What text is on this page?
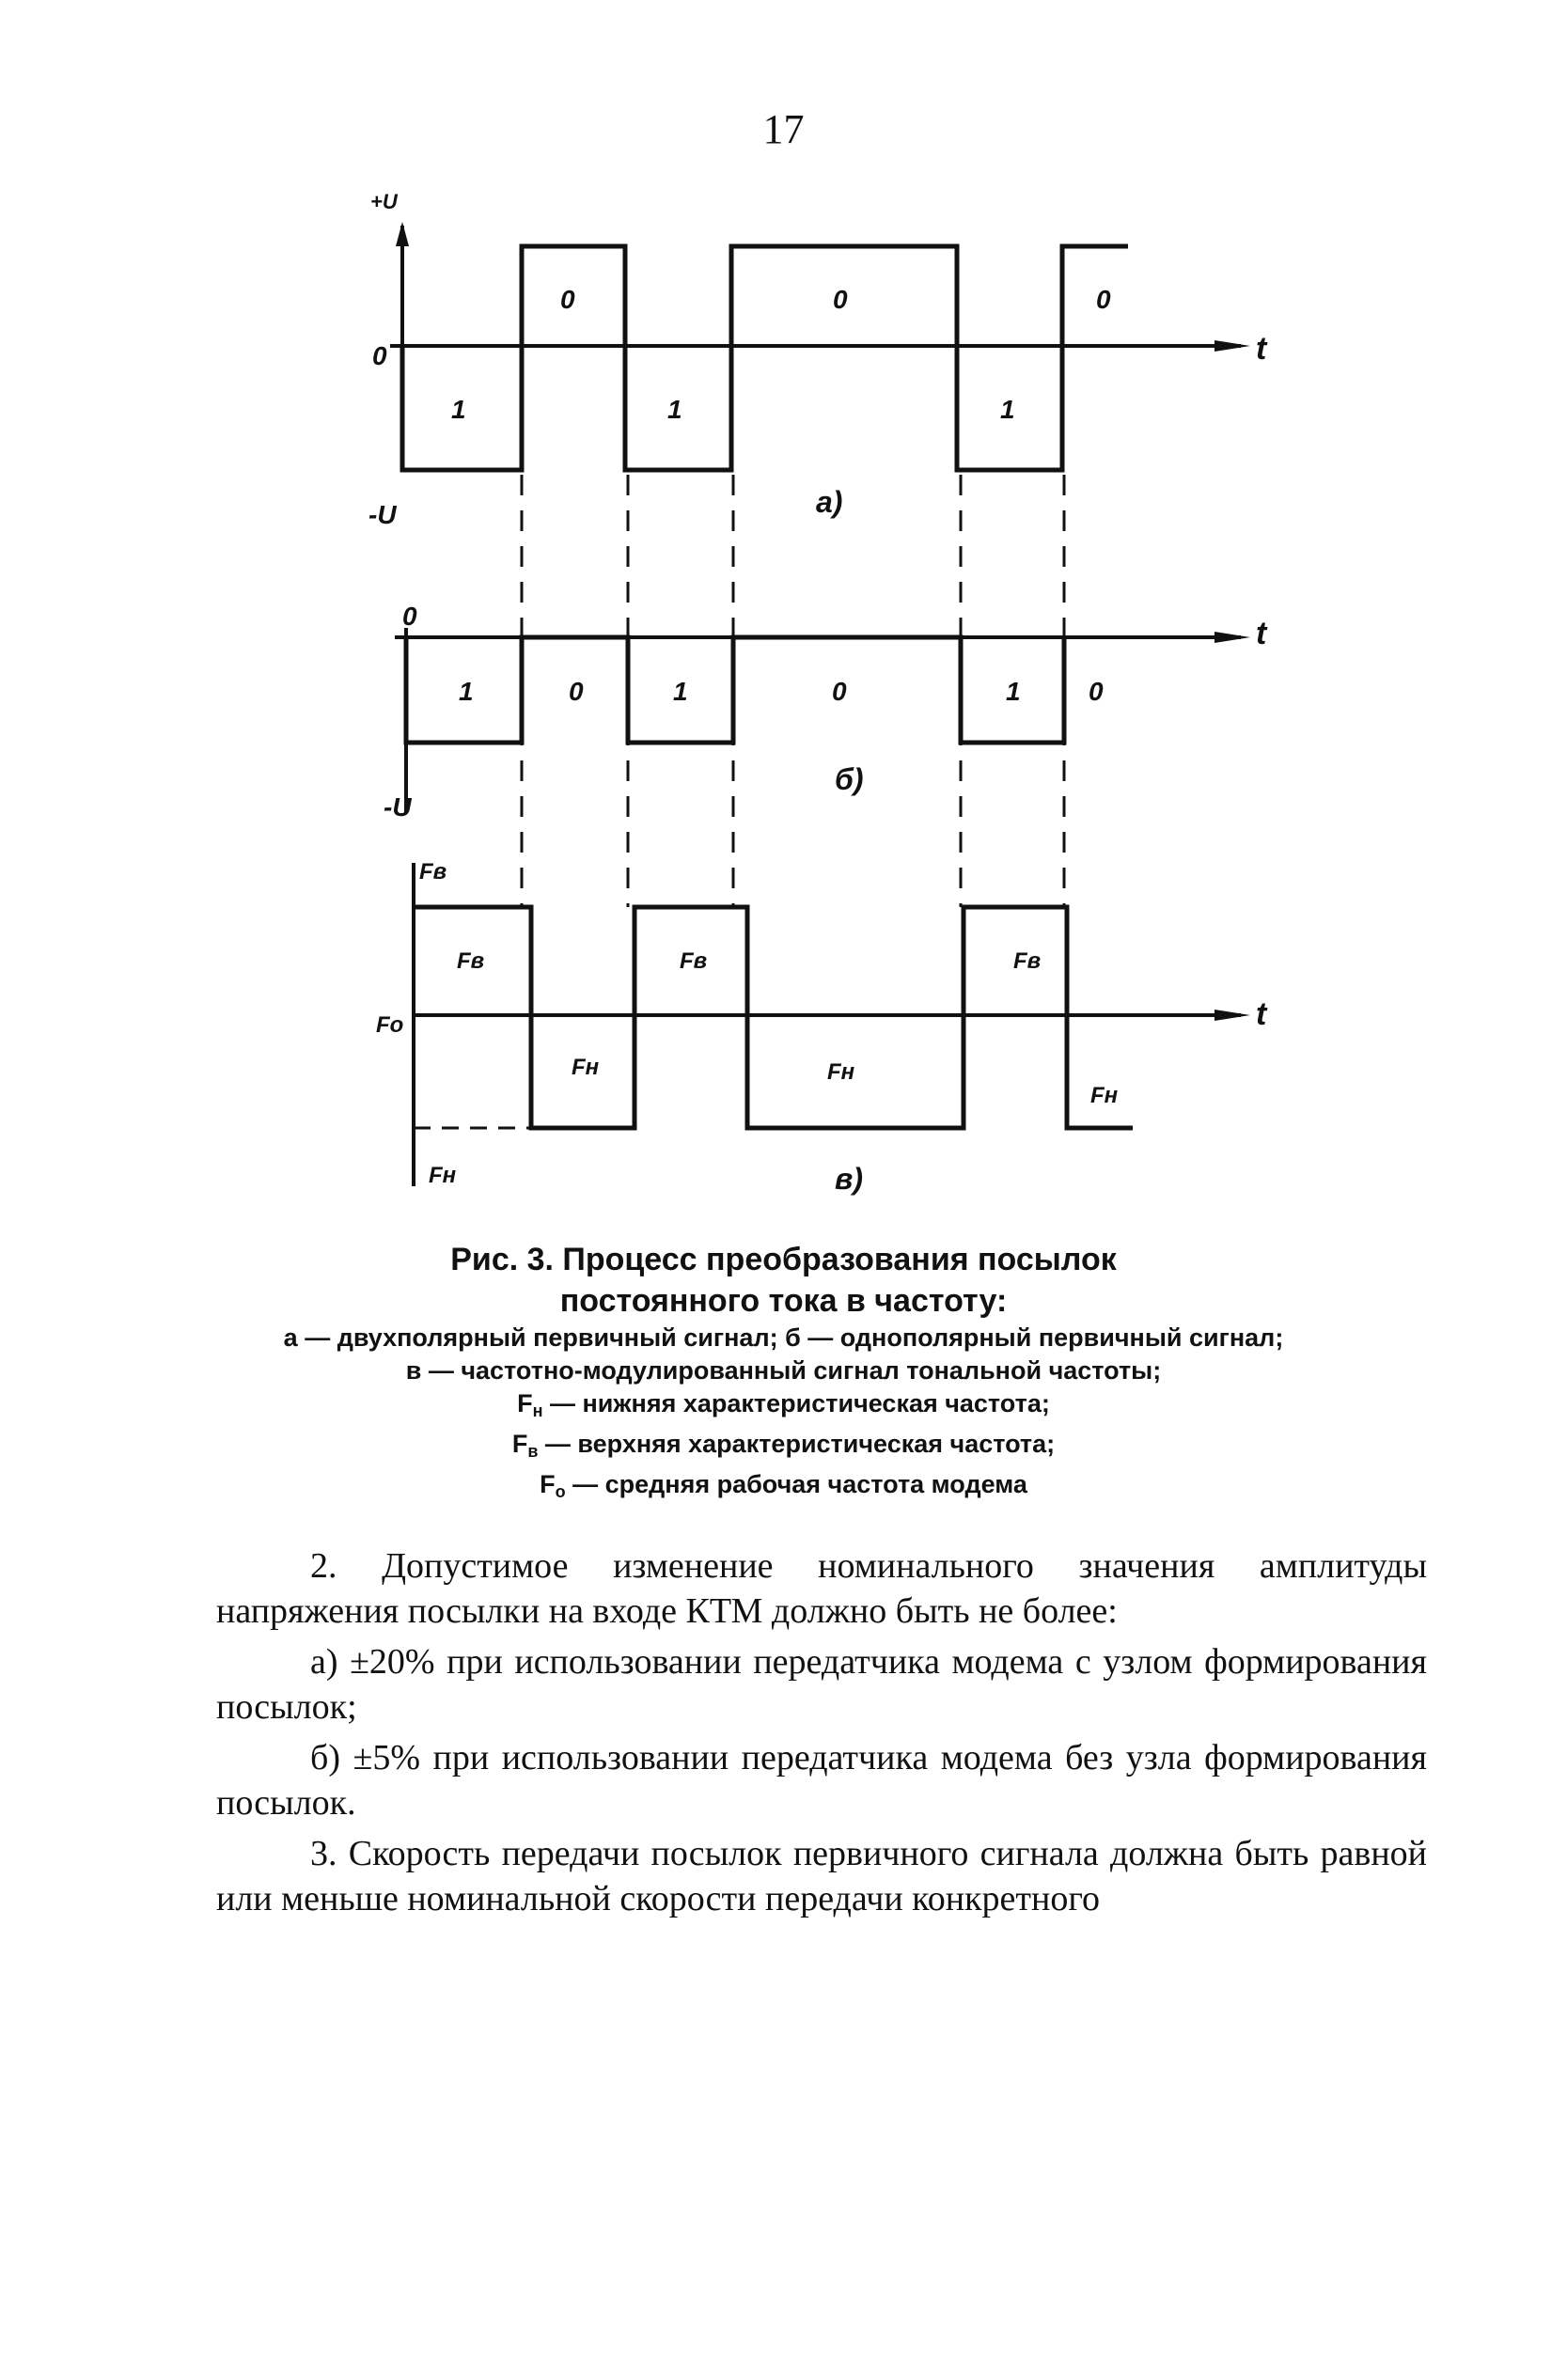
17
+U
0
-U
t
1
0
1
0
1
0
а)
0
-U
t
1	0	1	0	1	0
б)
Fв
Fо
Fн
t
Fв
Fн
Fв
Fн
Fв
Fн
в)
Рис. 3. Процесс преобразования посылок
постоянного тока в частоту:
а — двухполярный первичный сигнал; б — однополярный первичный сигнал;
в — частотно-модулированный сигнал тональной частоты;
$F_н$ — нижняя характеристическая частота;
$F_в$ — верхняя характеристическая частота;
$F_о$ — средняя рабочая частота модема

2. Допустимое изменение номинального значения амплитуды напряжения посылки на входе КТМ должно быть не более:

а) ±20% при использовании передатчика модема с узлом формирования посылок;

б) ±5% при использовании передатчика модема без узла формирования посылок.

3. Скорость передачи посылок первичного сигнала должна быть равной или меньше номинальной скорости передачи конкретного
